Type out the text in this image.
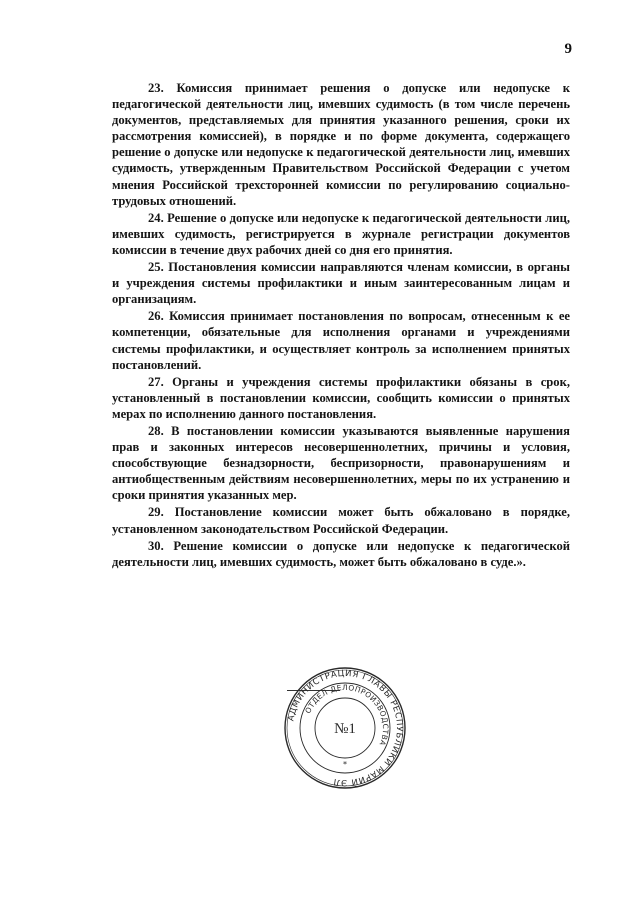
9

23. Комиссия принимает решения о допуске или недопуске к педагогической деятельности лиц, имевших судимость (в том числе перечень документов, представляемых для принятия указанного решения, сроки их рассмотрения комиссией), в порядке и по форме документа, содержащего решение о допуске или недопуске к педагогической деятельности лиц, имевших судимость, утвержденным Правительством Российской Федерации с учетом мнения Российской трехсторонней комиссии по регулированию социально-трудовых отношений.

24. Решение о допуске или недопуске к педагогической деятельности лиц, имевших судимость, регистрируется в журнале регистрации документов комиссии в течение двух рабочих дней со дня его принятия.

25. Постановления комиссии направляются членам комиссии, в органы и учреждения системы профилактики и иным заинтересованным лицам и организациям.

26. Комиссия принимает постановления по вопросам, отнесенным к ее компетенции, обязательные для исполнения органами и учреждениями системы профилактики, и осуществляет контроль за исполнением принятых постановлений.

27. Органы и учреждения системы профилактики обязаны в срок, установленный в постановлении комиссии, сообщить комиссии о принятых мерах по исполнению данного постановления.

28. В постановлении комиссии указываются выявленные нарушения прав и законных интересов несовершеннолетних, причины и условия, способствующие безнадзорности, беспризорности, правонарушениям и антиобщественным действиям несовершеннолетних, меры по их устранению и сроки принятия указанных мер.

29. Постановление комиссии может быть обжаловано в порядке, установленном законодательством Российской Федерации.

30. Решение комиссии о допуске или недопуске к педагогической деятельности лиц, имевших судимость, может быть обжаловано в суде.».

АДМИНИСТРАЦИЯ ГЛАВЫ РЕСПУБЛИКИ МАРИЙ ЭЛ
ОТДЕЛ ДЕЛОПРОИЗВОДСТВА
№1
*
